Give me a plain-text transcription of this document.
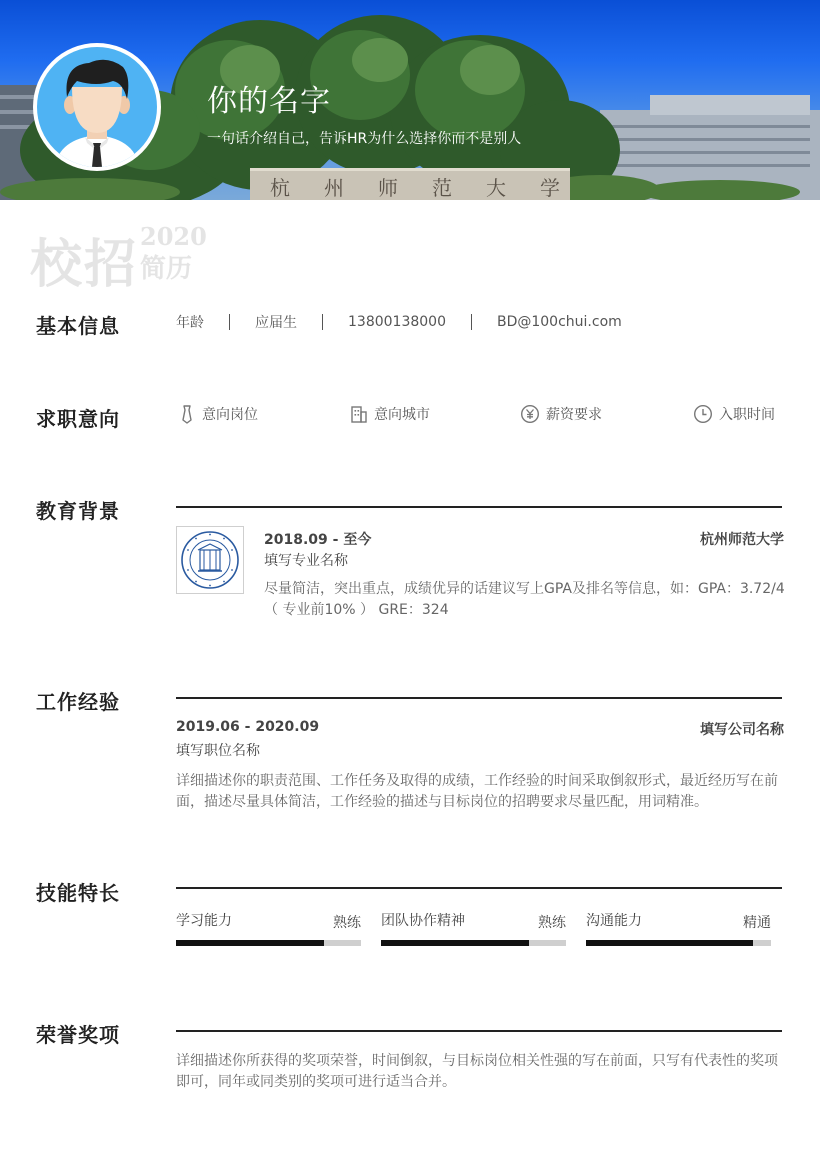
杭 州 师 范 大 学
你的名字
一句话介绍自己，告诉HR为什么选择你而不是别人
校招 2020
简历
基本信息	年龄	应届生	13800138000	BD@100chui.com
求职意向	意向岗位	意向城市	薪资要求	入职时间
教育背景
2018.09 - 至今	杭州师范大学
填写专业名称
尽量简洁，突出重点，成绩优异的话建议写上GPA及排名等信息，如：GPA：3.72/4
（ 专业前10% ） GRE：324
工作经验
2019.06 - 2020.09	填写公司名称
填写职位名称
详细描述你的职责范围、工作任务及取得的成绩，工作经验的时间采取倒叙形式，最近经历写在前
面，描述尽量具体简洁，工作经验的描述与目标岗位的招聘要求尽量匹配，用词精准。
技能特长
学习能力	熟练 团队协作精神	熟练 沟通能力	精通
荣誉奖项
详细描述你所获得的奖项荣誉，时间倒叙，与目标岗位相关性强的写在前面，只写有代表性的奖项
即可，同年或同类别的奖项可进行适当合并。
